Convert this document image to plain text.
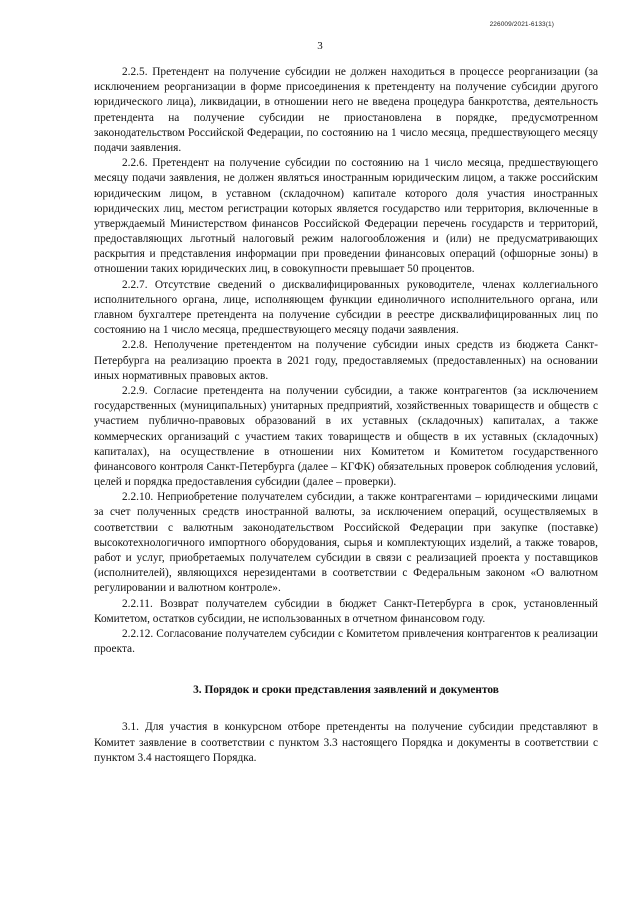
226009/2021-6133(1)
3

2.2.5. Претендент на получение субсидии не должен находиться в процессе реорганизации (за исключением реорганизации в форме присоединения к претенденту на получение субсидии другого юридического лица), ликвидации, в отношении него не введена процедура банкротства, деятельность претендента на получение субсидии не приостановлена в порядке, предусмотренном законодательством Российской Федерации, по состоянию на 1 число месяца, предшествующего месяцу подачи заявления.

2.2.6. Претендент на получение субсидии по состоянию на 1 число месяца, предшествующего месяцу подачи заявления, не должен являться иностранным юридическим лицом, а также российским юридическим лицом, в уставном (складочном) капитале которого доля участия иностранных юридических лиц, местом регистрации которых является государство или территория, включенные в утверждаемый Министерством финансов Российской Федерации перечень государств и территорий, предоставляющих льготный налоговый режим налогообложения и (или) не предусматривающих раскрытия и представления информации при проведении финансовых операций (офшорные зоны) в отношении таких юридических лиц, в совокупности превышает 50 процентов.

2.2.7. Отсутствие сведений о дисквалифицированных руководителе, членах коллегиального исполнительного органа, лице, исполняющем функции единоличного исполнительного органа, или главном бухгалтере претендента на получение субсидии в реестре дисквалифицированных лиц по состоянию на 1 число месяца, предшествующего месяцу подачи заявления.

2.2.8. Неполучение претендентом на получение субсидии иных средств из бюджета Санкт-Петербурга на реализацию проекта в 2021 году, предоставляемых (предоставленных) на основании иных нормативных правовых актов.

2.2.9. Согласие претендента на получении субсидии, а также контрагентов (за исключением государственных (муниципальных) унитарных предприятий, хозяйственных товариществ и обществ с участием публично-правовых образований в их уставных (складочных) капиталах, а также коммерческих организаций с участием таких товариществ и обществ в их уставных (складочных) капиталах), на осуществление в отношении них Комитетом и Комитетом государственного финансового контроля Санкт-Петербурга (далее – КГФК) обязательных проверок соблюдения условий, целей и порядка предоставления субсидии (далее – проверки).

2.2.10. Неприобретение получателем субсидии, а также контрагентами – юридическими лицами за счет полученных средств иностранной валюты, за исключением операций, осуществляемых в соответствии с валютным законодательством Российской Федерации при закупке (поставке) высокотехнологичного импортного оборудования, сырья и комплектующих изделий, а также товаров, работ и услуг, приобретаемых получателем субсидии в связи с реализацией проекта у поставщиков (исполнителей), являющихся нерезидентами в соответствии с Федеральным законом «О валютном регулировании и валютном контроле».

2.2.11. Возврат получателем субсидии в бюджет Санкт-Петербурга в срок, установленный Комитетом, остатков субсидии, не использованных в отчетном финансовом году.

2.2.12. Согласование получателем субсидии с Комитетом привлечения контрагентов к реализации проекта.

3. Порядок и сроки представления заявлений и документов

3.1. Для участия в конкурсном отборе претенденты на получение субсидии представляют в Комитет заявление в соответствии с пунктом 3.3 настоящего Порядка и документы в соответствии с пунктом 3.4 настоящего Порядка.
